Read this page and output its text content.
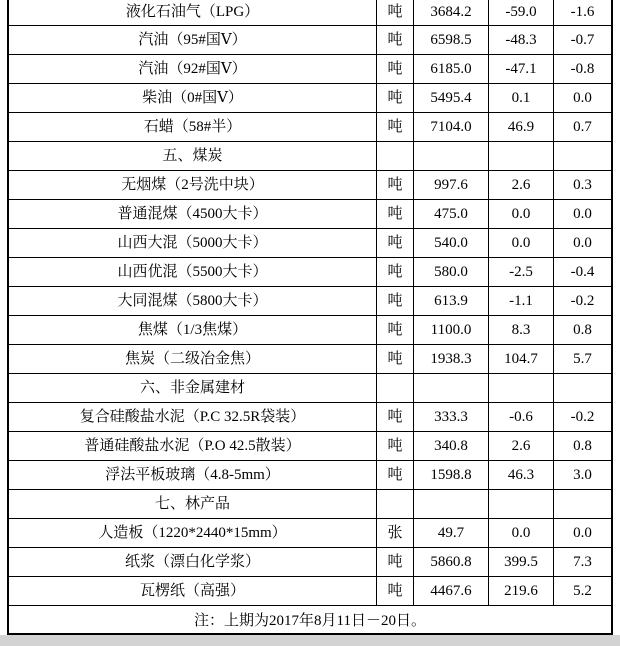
液化石油气（LPG）	吨	3684.2	-59.0	-1.6
汽油（95#国Ⅴ）	吨	6598.5	-48.3	-0.7
汽油（92#国Ⅴ）	吨	6185.0	-47.1	-0.8
柴油（0#国Ⅴ）	吨	5495.4	0.1	0.0
石蜡（58#半）	吨	7104.0	46.9	0.7
五、煤炭
无烟煤（2号洗中块）	吨	997.6	2.6	0.3
普通混煤（4500大卡）	吨	475.0	0.0	0.0
山西大混（5000大卡）	吨	540.0	0.0	0.0
山西优混（5500大卡）	吨	580.0	-2.5	-0.4
大同混煤（5800大卡）	吨	613.9	-1.1	-0.2
焦煤（1/3焦煤）	吨	1100.0	8.3	0.8
焦炭（二级冶金焦）	吨	1938.3	104.7	5.7
六、非金属建材
复合硅酸盐水泥（P.C 32.5R袋装）	吨	333.3	-0.6	-0.2
普通硅酸盐水泥（P.O 42.5散装）	吨	340.8	2.6	0.8
浮法平板玻璃（4.8-5mm）	吨	1598.8	46.3	3.0
七、林产品
人造板（1220*2440*15mm）	张	49.7	0.0	0.0
纸浆（漂白化学浆）	吨	5860.8	399.5	7.3
瓦楞纸（高强）	吨	4467.6	219.6	5.2
注：上期为2017年8月11日－20日。
